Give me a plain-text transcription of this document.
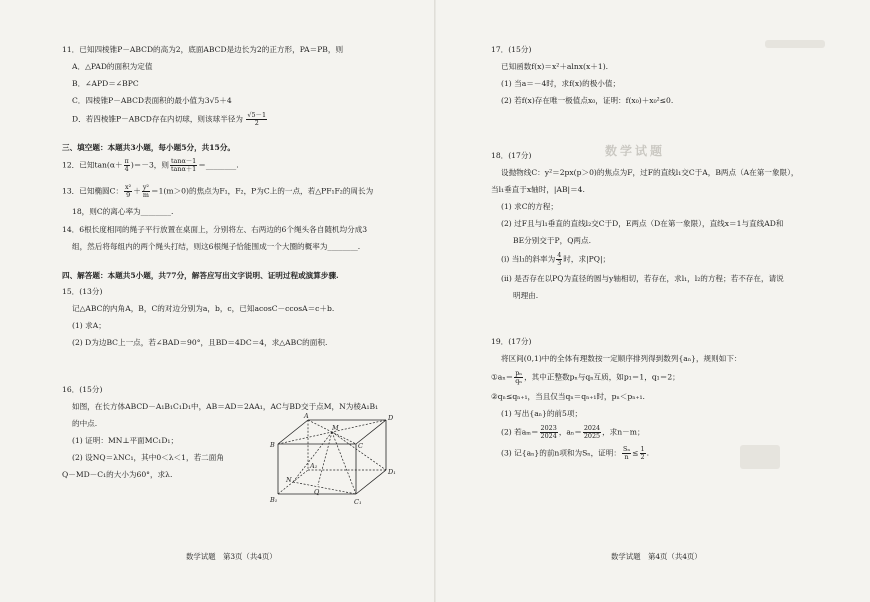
11．已知四棱锥P－ABCD的高为2，底面ABCD是边长为2的正方形，PA＝PB，则
A．△PAD的面积为定值
B．∠APD＝∠BPC
C．四棱锥P－ABCD表面积的最小值为3√5＋4
D．若四棱锥P－ABCD存在内切球，则该球半径为 $\frac{√5-1}{2}$
三、填空题：本题共3小题，每小题5分，共15分。
12．已知$\tan(\alpha+ \frac{\pi}{4} )=-3$，则 $\frac{\tan\alpha-1}{\tan\alpha+1}$ ＝________.
13．已知椭圆C： $\frac{\text{x²}}{9} + \frac{\text{y²}}{m} =1(m>0)$的焦点为F₁，F₂，P为C上的一点，若△PF₁F₂的周长为
18，则C的离心率为________.
14．6根长度相同的绳子平行放置在桌面上，分别将左、右两边的6个绳头各自随机均分成3
组，然后将每组内的两个绳头打结，则这6根绳子恰能围成一个大圈的概率为________.
四、解答题：本题共5小题，共77分，解答应写出文字说明、证明过程或演算步骤.
15．(13分)
记△ABC的内角A，B，C的对边分别为a，b，c，已知acosC－ccosA＝c＋b.
(1) 求A；
(2) D为边BC上一点，若∠BAD＝90°，且BD＝4DC＝4，求△ABC的面积.
16．(15分)
如图，在长方体ABCD－A₁B₁C₁D₁中，AB＝AD＝2AA₁，AC与BD交于点M，N为棱A₁B₁
的中点.
(1) 证明：MN⊥平面MC₁D₁；
(2) 设NQ＝λNC₁，其中0＜λ＜1，若二面角
Q－MD－C₁的大小为60°，求λ.
A	D
B	C
M
A₁
N
Q
D₁
B₁	C₁
数学试题　第3页（共4页）
数学试题
17．(15分)
已知函数f(x)＝x²＋alnx(x＋1).
(1) 当a＝－4时，求f(x)的极小值；
(2) 若f(x)存在唯一极值点x₀，证明：f(x₀)＋x₀²≤0.
18．(17分)
设抛物线C：y²＝2px(p＞0)的焦点为F，过F的直线l₁交C于A，B两点（A在第一象限），
当l₁垂直于x轴时，|AB|＝4.
(1) 求C的方程；
(2) 过F且与l₁垂直的直线l₂交C于D，E两点（D在第一象限），直线x＝1与直线AD和
BE分别交于P，Q两点.
(i) 当l₁的斜率为 $\frac{4}{3}$ 时，求|PQ|；
(ii) 是否存在以PQ为直径的圆与y轴相切，若存在，求l₁，l₂的方程；若不存在，请说
明理由.
19．(17分)
将区间(0,1)中的全体有理数按一定顺序排列得到数列{aₙ}，规则如下：
①aₙ＝ $\frac{\text{pₙ}}{\text{qₙ}}$ ，其中正整数pₙ与qₙ互质，如p₁＝1，q₁＝2；
②qₙ≤qₙ₊₁，当且仅当qₙ＝qₙ₊₁时，pₙ＜pₙ₊₁.
(1) 写出{aₙ}的前5项；
(2) 若$a_m= \frac{2023}{2024}$ ，$a_n= \frac{2024}{2025}$ ，求n－m；
(3) 记{aₙ}的前n项和为Sₙ，证明： $\frac{\text{Sₙ}}{n} \le \frac{1}{2}$ .
数学试题　第4页（共4页）
